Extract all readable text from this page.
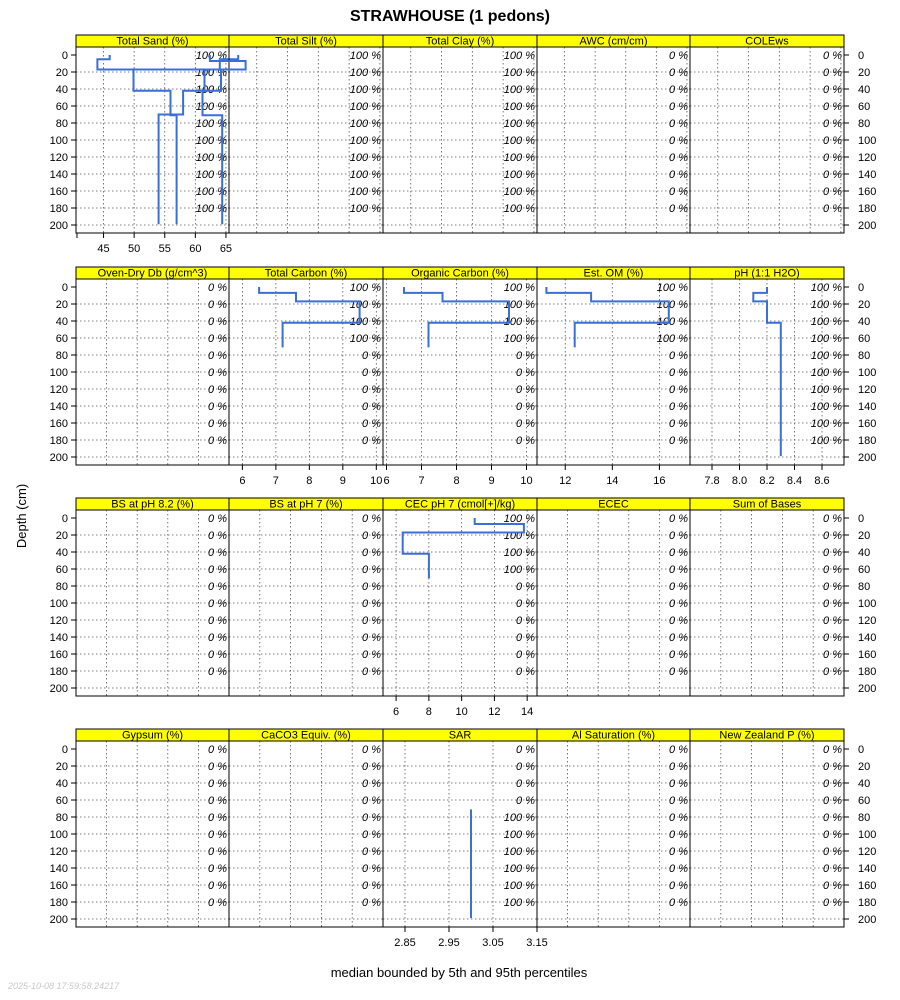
STRAWHOUSE (1 pedons)
Total Sand (%)
100 %
100 %
100 %
100 %
100 %
100 %
100 %
100 %
100 %
100 %
45 50 55 60 65
Total Silt (%)
100 %
100 %
100 %
100 %
100 %
100 %
100 %
100 %
100 %
100 %
Total Clay (%)
100 %
100 %
100 %
100 %
100 %
100 %
100 %
100 %
100 %
100 %
AWC (cm/cm)
0 %
0 %
0 %
0 %
0 %
0 %
0 %
0 %
0 %
0 %
COLEws
0 %
0 %
0 %
0 %
0 %
0 %
0 %
0 %
0 %
0 %
0	0
20	20
40	40
60	60
80	80
100	100
120	120
140	140
160	160
180	180
200	200
Oven-Dry Db (g/cm^3)
0 %
0 %
0 %
0 %
0 %
0 %
0 %
0 %
0 %
0 %
Total Carbon (%)
100 %
100 %
100 %
100 %
0 %
0 %
0 %
0 %
0 %
0 %
6 7 8 9 10
Organic Carbon (%)
100 %
100 %
100 %
100 %
0 %
0 %
0 %
0 %
0 %
0 %
6	7	8	9 10
Est. OM (%)
100 %
100 %
100 %
100 %
0 %
0 %
0 %
0 %
0 %
0 %
12	14	16
pH (1:1 H2O)
100 %
100 %
100 %
100 %
100 %
100 %
100 %
100 %
100 %
100 %
7.8 8.0 8.2 8.4 8.6
0	0
20	20
40	40
60	60
80	80
100	100
120	120
140	140
160	160
180	180
200	200
BS at pH 8.2 (%)
0 %
0 %
0 %
0 %
0 %
0 %
0 %
0 %
0 %
0 %
BS at pH 7 (%)
0 %
0 %
0 %
0 %
0 %
0 %
0 %
0 %
0 %
0 %
CEC pH 7 (cmol[+]/kg)
100 %
100 %
100 %
100 %
0 %
0 %
0 %
0 %
0 %
0 %
6 8 10 12 14
ECEC
0 %
0 %
0 %
0 %
0 %
0 %
0 %
0 %
0 %
0 %
Sum of Bases
0 %
0 %
0 %
0 %
0 %
0 %
0 %
0 %
0 %
0 %
0	0
20	20
40	40
60	60
80	80
100	100
120	120
140	140
160	160
180	180
200	200
Gypsum (%)
0 %
0 %
0 %
0 %
0 %
0 %
0 %
0 %
0 %
0 %
CaCO3 Equiv. (%)
0 %
0 %
0 %
0 %
0 %
0 %
0 %
0 %
0 %
0 %
SAR
0 %
0 %
0 %
0 %
100 %
100 %
100 %
100 %
100 %
100 %
2.85 2.95 3.05 3.15
Al Saturation (%)
0 %
0 %
0 %
0 %
0 %
0 %
0 %
0 %
0 %
0 %
New Zealand P (%)
0 %
0 %
0 %
0 %
0 %
0 %
0 %
0 %
0 %
0 %
0	0
20	20
40	40
60	60
80	80
100	100
120	120
140	140
160	160
180	180
200	200
Depth (cm)
median bounded by 5th and 95th percentiles
2025-10-08 17:59:58.24217
